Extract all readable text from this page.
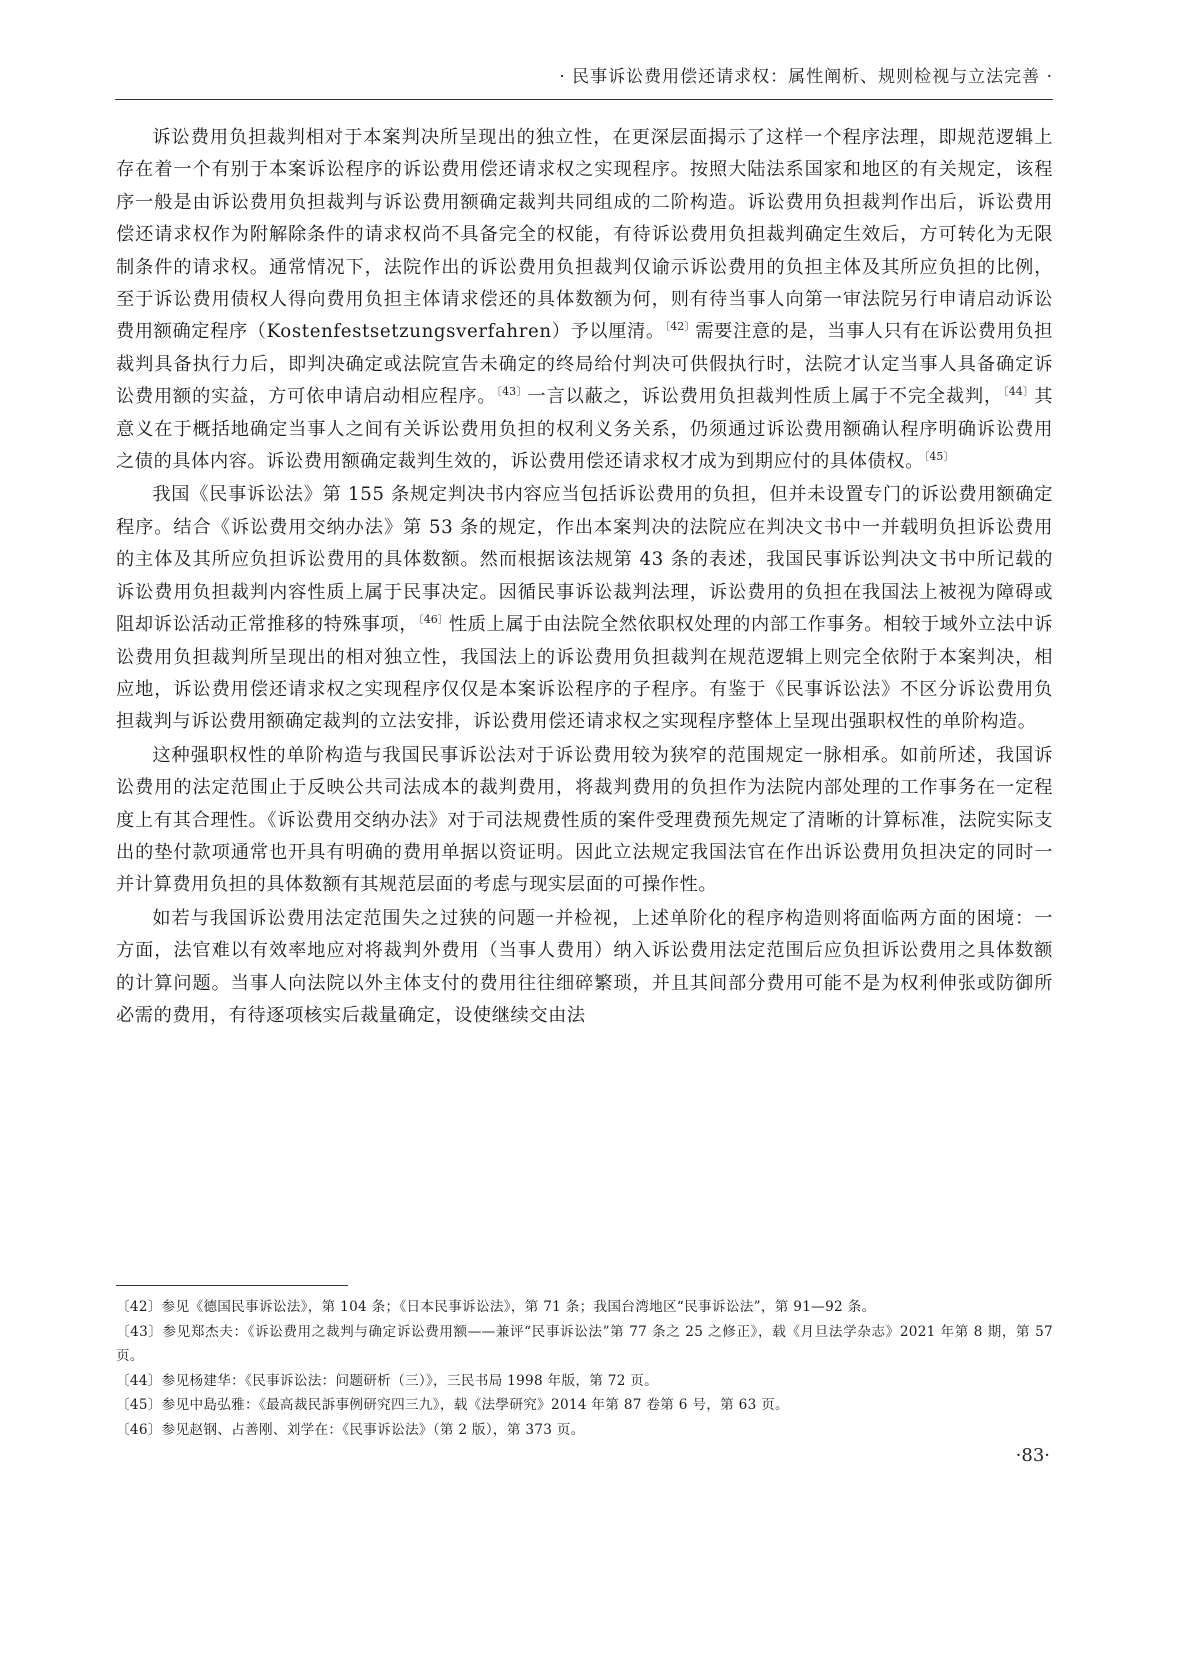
· 民事诉讼费用偿还请求权：属性阐析、规则检视与立法完善 ·

诉讼费用负担裁判相对于本案判决所呈现出的独立性，在更深层面揭示了这样一个程序法理，即规范逻辑上存在着一个有别于本案诉讼程序的诉讼费用偿还请求权之实现程序。按照大陆法系国家和地区的有关规定，该程序一般是由诉讼费用负担裁判与诉讼费用额确定裁判共同组成的二阶构造。诉讼费用负担裁判作出后，诉讼费用偿还请求权作为附解除条件的请求权尚不具备完全的权能，有待诉讼费用负担裁判确定生效后，方可转化为无限制条件的请求权。通常情况下，法院作出的诉讼费用负担裁判仅谕示诉讼费用的负担主体及其所应负担的比例，至于诉讼费用债权人得向费用负担主体请求偿还的具体数额为何，则有待当事人向第一审法院另行申请启动诉讼费用额确定程序（Kostenfestsetzungsverfahren）予以厘清。$^{〔42〕}$需要注意的是，当事人只有在诉讼费用负担裁判具备执行力后，即判决确定或法院宣告未确定的终局给付判决可供假执行时，法院才认定当事人具备确定诉讼费用额的实益，方可依申请启动相应程序。$^{〔43〕}$一言以蔽之，诉讼费用负担裁判性质上属于不完全裁判，$^{〔44〕}$其意义在于概括地确定当事人之间有关诉讼费用负担的权利义务关系，仍须通过诉讼费用额确认程序明确诉讼费用之债的具体内容。诉讼费用额确定裁判生效的，诉讼费用偿还请求权才成为到期应付的具体债权。$^{〔45〕}$

我国《民事诉讼法》第 155 条规定判决书内容应当包括诉讼费用的负担，但并未设置专门的诉讼费用额确定程序。结合《诉讼费用交纳办法》第 53 条的规定，作出本案判决的法院应在判决文书中一并载明负担诉讼费用的主体及其所应负担诉讼费用的具体数额。然而根据该法规第 43 条的表述，我国民事诉讼判决文书中所记载的诉讼费用负担裁判内容性质上属于民事决定。因循民事诉讼裁判法理，诉讼费用的负担在我国法上被视为障碍或阻却诉讼活动正常推移的特殊事项，$^{〔46〕}$性质上属于由法院全然依职权处理的内部工作事务。相较于域外立法中诉讼费用负担裁判所呈现出的相对独立性，我国法上的诉讼费用负担裁判在规范逻辑上则完全依附于本案判决，相应地，诉讼费用偿还请求权之实现程序仅仅是本案诉讼程序的子程序。有鉴于《民事诉讼法》不区分诉讼费用负担裁判与诉讼费用额确定裁判的立法安排，诉讼费用偿还请求权之实现程序整体上呈现出强职权性的单阶构造。

这种强职权性的单阶构造与我国民事诉讼法对于诉讼费用较为狭窄的范围规定一脉相承。如前所述，我国诉讼费用的法定范围止于反映公共司法成本的裁判费用，将裁判费用的负担作为法院内部处理的工作事务在一定程度上有其合理性。《诉讼费用交纳办法》对于司法规费性质的案件受理费预先规定了清晰的计算标准，法院实际支出的垫付款项通常也开具有明确的费用单据以资证明。因此立法规定我国法官在作出诉讼费用负担决定的同时一并计算费用负担的具体数额有其规范层面的考虑与现实层面的可操作性。

如若与我国诉讼费用法定范围失之过狭的问题一并检视，上述单阶化的程序构造则将面临两方面的困境：一方面，法官难以有效率地应对将裁判外费用（当事人费用）纳入诉讼费用法定范围后应负担诉讼费用之具体数额的计算问题。当事人向法院以外主体支付的费用往往细碎繁琐，并且其间部分费用可能不是为权利伸张或防御所必需的费用，有待逐项核实后裁量确定，设使继续交由法

〔42〕参见《德国民事诉讼法》，第 104 条；《日本民事诉讼法》，第 71 条；我国台湾地区“民事诉讼法”，第 91—92 条。

〔43〕参见郑杰夫：《诉讼费用之裁判与确定诉讼费用额——兼评“民事诉讼法”第 77 条之 25 之修正》，载《月旦法学杂志》2021 年第 8 期，第 57 页。

〔44〕参见杨建华：《民事诉讼法：问题研析（三）》，三民书局 1998 年版，第 72 页。

〔45〕参见中島弘雅：《最高裁民訴事例研究四三九》，载《法學研究》2014 年第 87 卷第 6 号，第 63 页。

〔46〕参见赵钢、占善刚、刘学在：《民事诉讼法》（第 2 版），第 373 页。

·83·
